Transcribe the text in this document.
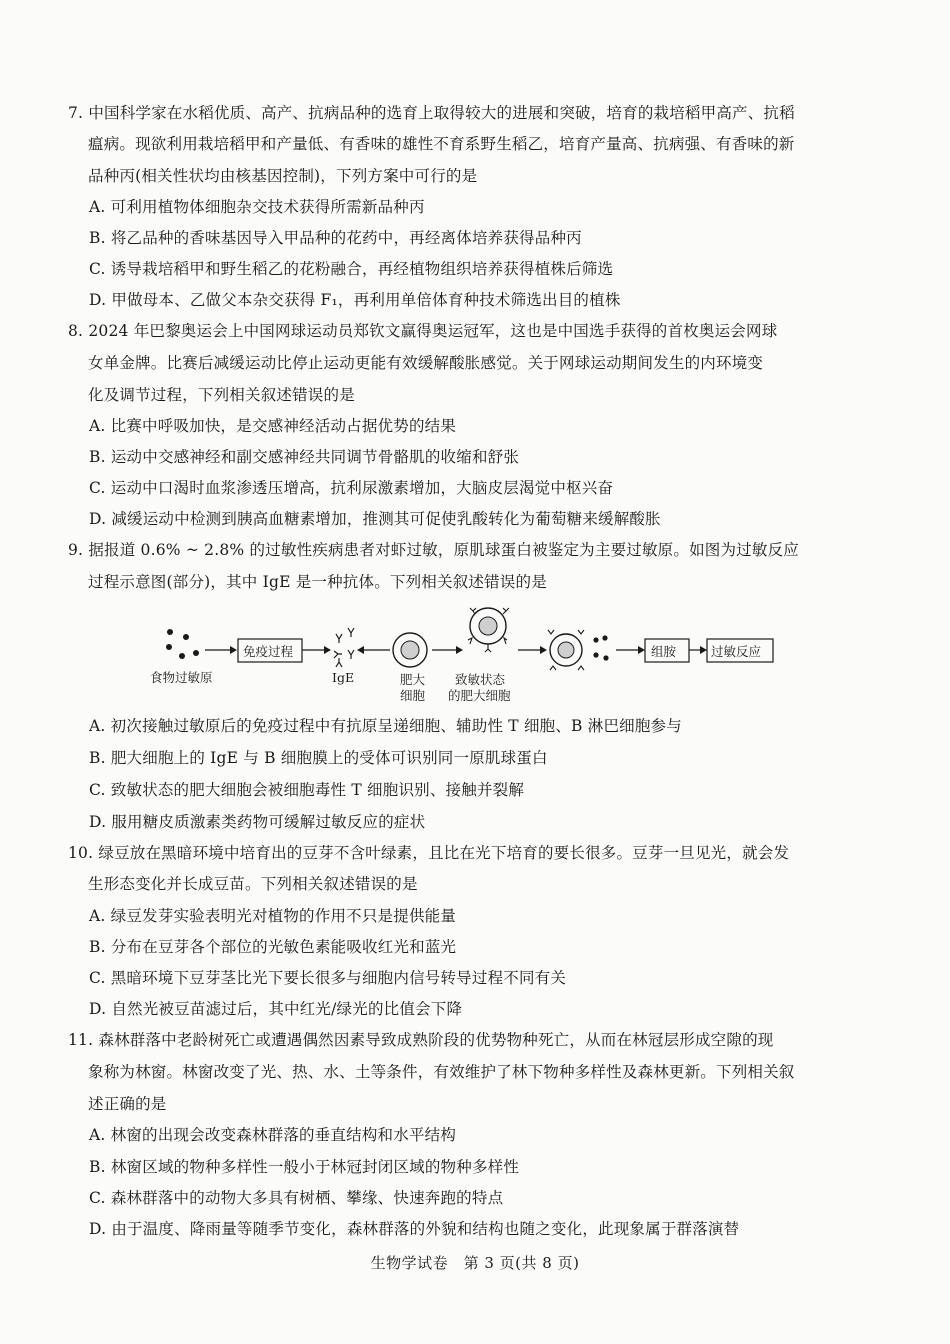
7. 中国科学家在水稻优质、高产、抗病品种的选育上取得较大的进展和突破，培育的栽培稻甲高产、抗稻
瘟病。现欲利用栽培稻甲和产量低、有香味的雄性不育系野生稻乙，培育产量高、抗病强、有香味的新
品种丙(相关性状均由核基因控制)，下列方案中可行的是
A. 可利用植物体细胞杂交技术获得所需新品种丙
B. 将乙品种的香味基因导入甲品种的花药中，再经离体培养获得品种丙
C. 诱导栽培稻甲和野生稻乙的花粉融合，再经植物组织培养获得植株后筛选
D. 甲做母本、乙做父本杂交获得 F₁，再利用单倍体育种技术筛选出目的植株
8. 2024 年巴黎奥运会上中国网球运动员郑钦文赢得奥运冠军，这也是中国选手获得的首枚奥运会网球
女单金牌。比赛后减缓运动比停止运动更能有效缓解酸胀感觉。关于网球运动期间发生的内环境变
化及调节过程，下列相关叙述错误的是
A. 比赛中呼吸加快，是交感神经活动占据优势的结果
B. 运动中交感神经和副交感神经共同调节骨骼肌的收缩和舒张
C. 运动中口渴时血浆渗透压增高，抗利尿激素增加，大脑皮层渴觉中枢兴奋
D. 减缓运动中检测到胰高血糖素增加，推测其可促使乳酸转化为葡萄糖来缓解酸胀
9. 据报道 0.6% ~ 2.8% 的过敏性疾病患者对虾过敏，原肌球蛋白被鉴定为主要过敏原。如图为过敏反应
过程示意图(部分)，其中 IgE 是一种抗体。下列相关叙述错误的是
食物过敏原
免疫过程
IgE	肥大
细胞
致敏状态
的肥大细胞
组胺	过敏反应
A. 初次接触过敏原后的免疫过程中有抗原呈递细胞、辅助性 T 细胞、B 淋巴细胞参与
B. 肥大细胞上的 IgE 与 B 细胞膜上的受体可识别同一原肌球蛋白
C. 致敏状态的肥大细胞会被细胞毒性 T 细胞识别、接触并裂解
D. 服用糖皮质激素类药物可缓解过敏反应的症状
10. 绿豆放在黑暗环境中培育出的豆芽不含叶绿素，且比在光下培育的要长很多。豆芽一旦见光，就会发
生形态变化并长成豆苗。下列相关叙述错误的是
A. 绿豆发芽实验表明光对植物的作用不只是提供能量
B. 分布在豆芽各个部位的光敏色素能吸收红光和蓝光
C. 黑暗环境下豆芽茎比光下要长很多与细胞内信号转导过程不同有关
D. 自然光被豆苗滤过后，其中红光/绿光的比值会下降
11. 森林群落中老龄树死亡或遭遇偶然因素导致成熟阶段的优势物种死亡，从而在林冠层形成空隙的现
象称为林窗。林窗改变了光、热、水、土等条件，有效维护了林下物种多样性及森林更新。下列相关叙
述正确的是
A. 林窗的出现会改变森林群落的垂直结构和水平结构
B. 林窗区域的物种多样性一般小于林冠封闭区域的物种多样性
C. 森林群落中的动物大多具有树栖、攀缘、快速奔跑的特点
D. 由于温度、降雨量等随季节变化，森林群落的外貌和结构也随之变化，此现象属于群落演替
生物学试卷　第 3 页(共 8 页)
